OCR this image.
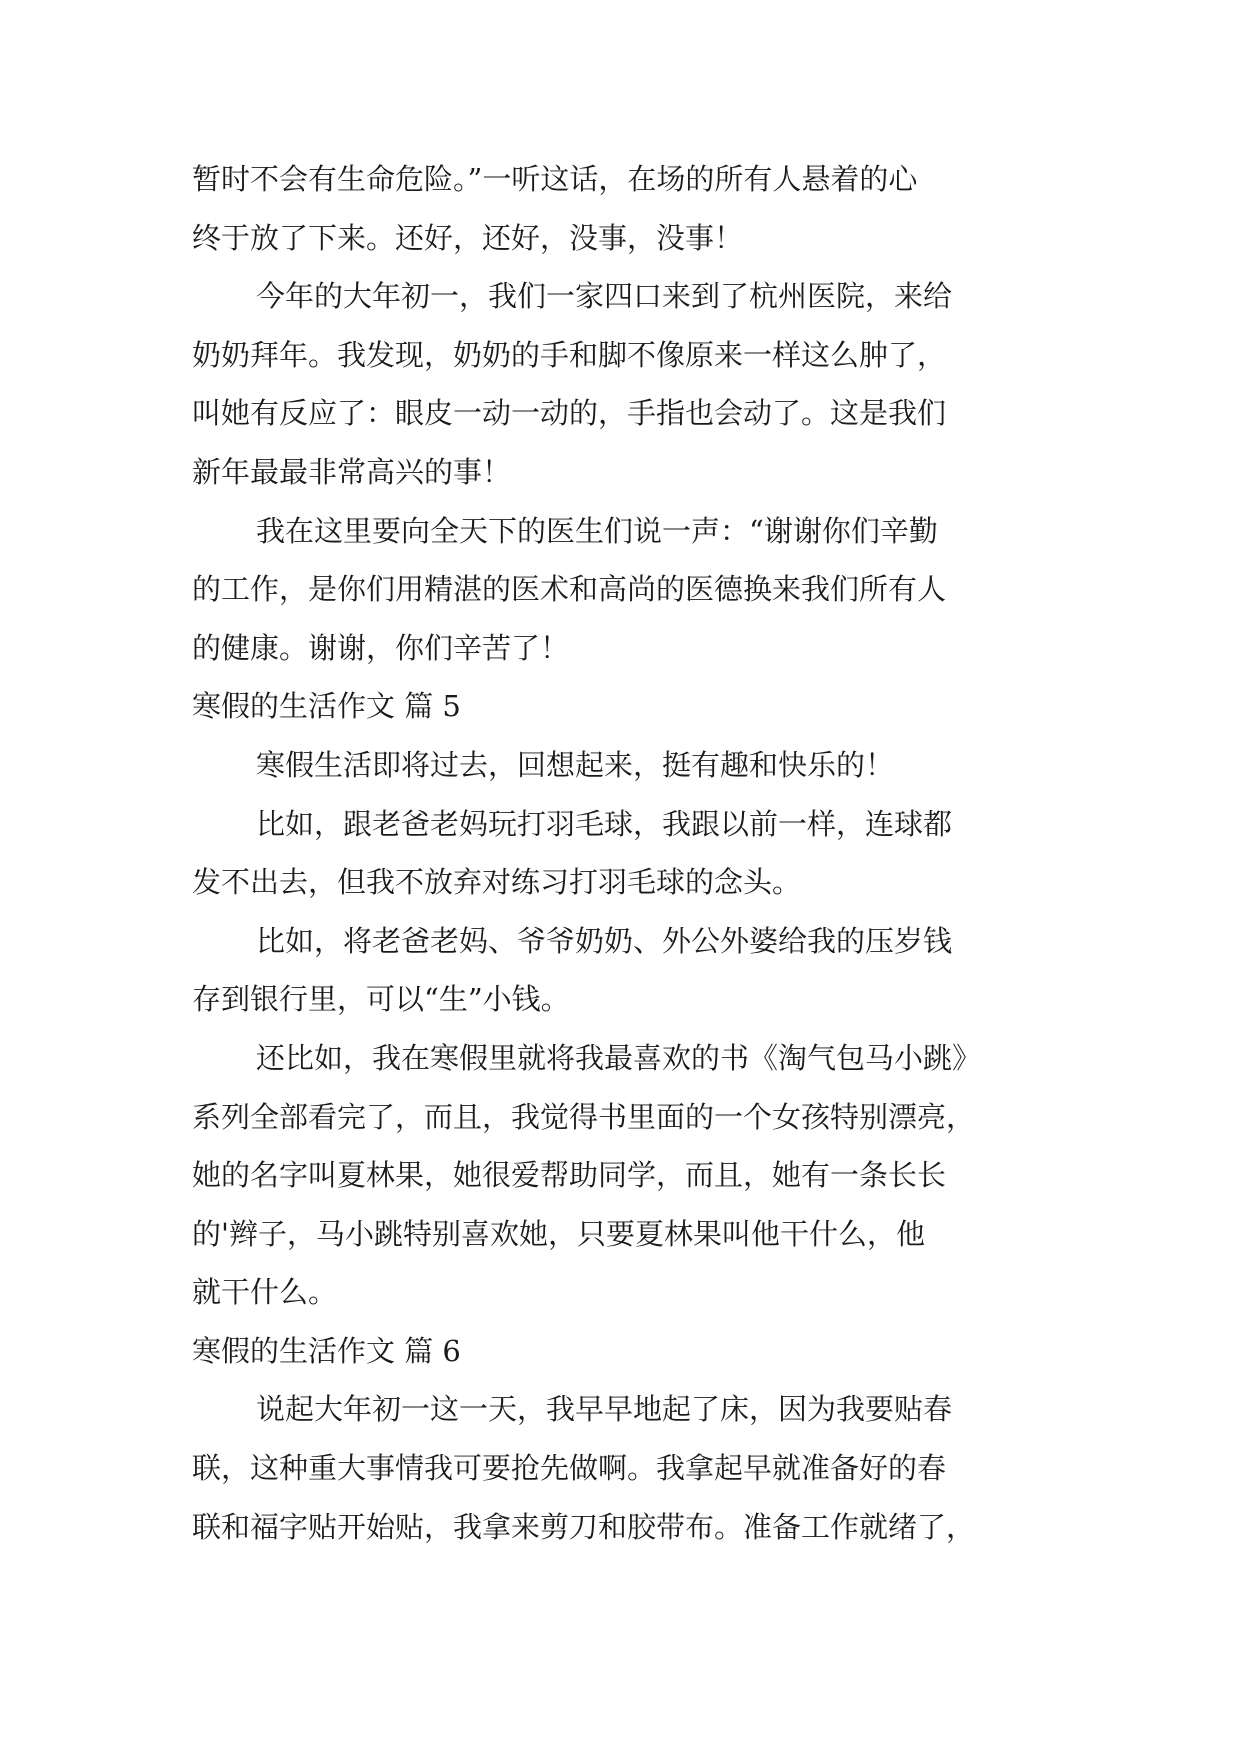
暂时不会有生命危险。”一听这话，在场的所有人悬着的心
终于放了下来。还好，还好，没事，没事！
今年的大年初一，我们一家四口来到了杭州医院，来给
奶奶拜年。我发现，奶奶的手和脚不像原来一样这么肿了，
叫她有反应了：眼皮一动一动的，手指也会动了。这是我们
新年最最非常高兴的事！
我在这里要向全天下的医生们说一声：“谢谢你们辛勤
的工作，是你们用精湛的医术和高尚的医德换来我们所有人
的健康。谢谢，你们辛苦了！
寒假的生活作文 篇 5
寒假生活即将过去，回想起来，挺有趣和快乐的！
比如，跟老爸老妈玩打羽毛球，我跟以前一样，连球都
发不出去，但我不放弃对练习打羽毛球的念头。
比如，将老爸老妈、爷爷奶奶、外公外婆给我的压岁钱
存到银行里，可以“生”小钱。
还比如，我在寒假里就将我最喜欢的书《淘气包马小跳》
系列全部看完了，而且，我觉得书里面的一个女孩特别漂亮，
她的名字叫夏林果，她很爱帮助同学，而且，她有一条长长
的'辫子，马小跳特别喜欢她，只要夏林果叫他干什么，他
就干什么。
寒假的生活作文 篇 6
说起大年初一这一天，我早早地起了床，因为我要贴春
联，这种重大事情我可要抢先做啊。我拿起早就准备好的春
联和福字贴开始贴，我拿来剪刀和胶带布。准备工作就绪了，
